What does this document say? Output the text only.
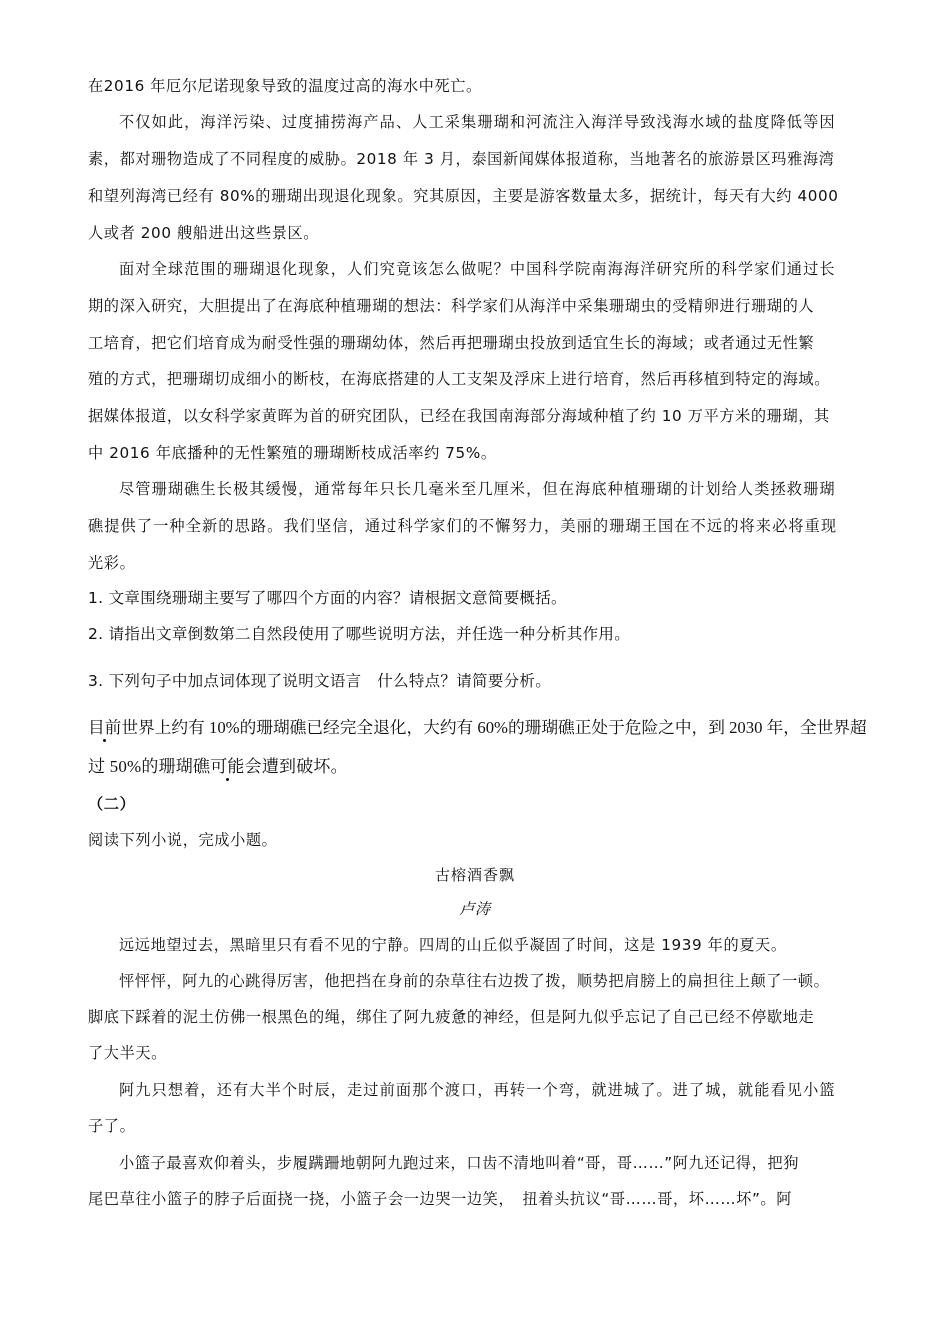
在2016 年厄尔尼诺现象导致的温度过高的海水中死亡。
不仅如此，海洋污染、过度捕捞海产品、人工采集珊瑚和河流注入海洋导致浅海水域的盐度降低等因
素，都对珊物造成了不同程度的威胁。2018 年 3 月，泰国新闻媒体报道称，当地著名的旅游景区玛雅海湾
和望列海湾已经有 80%的珊瑚出现退化现象。究其原因，主要是游客数量太多，据统计，每天有大约 4000
人或者 200 艘船进出这些景区。
面对全球范围的珊瑚退化现象，人们究竟该怎么做呢？中国科学院南海海洋研究所的科学家们通过长
期的深入研究，大胆提出了在海底种植珊瑚的想法：科学家们从海洋中采集珊瑚虫的受精卵进行珊瑚的人
工培育，把它们培育成为耐受性强的珊瑚幼体，然后再把珊瑚虫投放到适宜生长的海域；或者通过无性繁
殖的方式，把珊瑚切成细小的断枝，在海底搭建的人工支架及浮床上进行培育，然后再移植到特定的海域。
据媒体报道，以女科学家黄晖为首的研究团队，已经在我国南海部分海域种植了约 10 万平方米的珊瑚，其
中 2016 年底播种的无性繁殖的珊瑚断枝成活率约 75%。
尽管珊瑚礁生长极其缓慢，通常每年只长几毫米至几厘米，但在海底种植珊瑚的计划给人类拯救珊瑚
礁提供了一种全新的思路。我们坚信，通过科学家们的不懈努力，美丽的珊瑚王国在不远的将来必将重现
光彩。
1. 文章围绕珊瑚主要写了哪四个方面的内容？请根据文意简要概括。
2. 请指出文章倒数第二自然段使用了哪些说明方法，并任选一种分析其作用。
3. 下列句子中加点词体现了说明文语言　什么特点？请简要分析。
目前世界上约有 10%的珊瑚礁已经完全退化，大约有 60%的珊瑚礁正处于危险之中，到 2030 年，全世界超
过 50%的珊瑚礁可能会遭到破坏。
（二）
阅读下列小说，完成小题。
古榕酒香飘
卢涛
远远地望过去，黑暗里只有看不见的宁静。四周的山丘似乎凝固了时间，这是 1939 年的夏天。
怦怦怦，阿九的心跳得厉害，他把挡在身前的杂草往右边拨了拨，顺势把肩膀上的扁担往上颠了一顿。
脚底下踩着的泥土仿佛一根黑色的绳，绑住了阿九疲惫的神经，但是阿九似乎忘记了自己已经不停歇地走
了大半天。
阿九只想着，还有大半个时辰，走过前面那个渡口，再转一个弯，就进城了。进了城，就能看见小篮
子了。
小篮子最喜欢仰着头，步履蹒跚地朝阿九跑过来，口齿不清地叫着“哥，哥……”阿九还记得，把狗
尾巴草往小篮子的脖子后面挠一挠，小篮子会一边哭一边笑，　扭着头抗议“哥……哥，坏……坏”。阿
